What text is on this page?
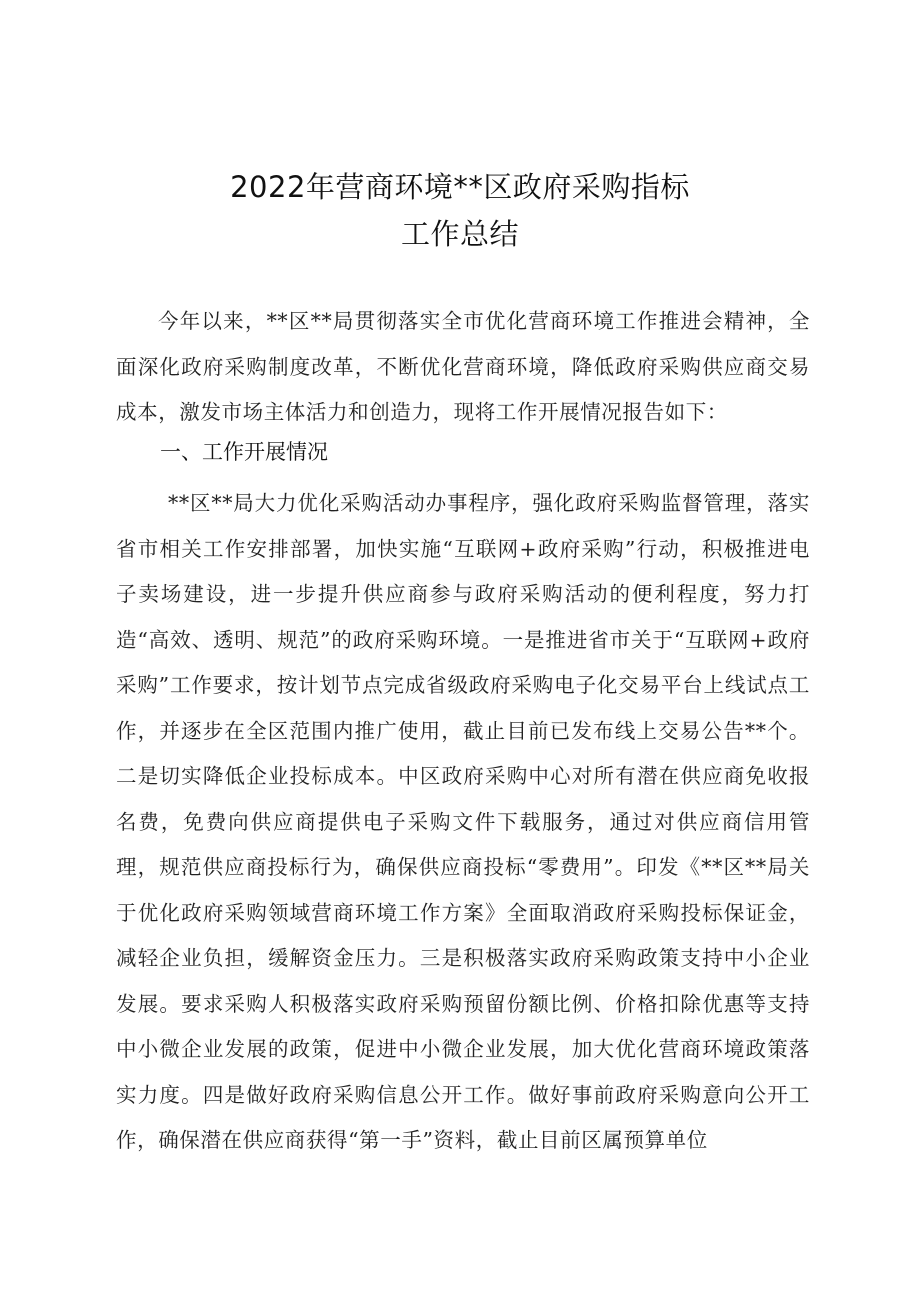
2022年营商环境**区政府采购指标
工作总结

今年以来，**区**局贯彻落实全市优化营商环境工作推进会精神，全面深化政府采购制度改革，不断优化营商环境，降低政府采购供应商交易成本，激发市场主体活力和创造力，现将工作开展情况报告如下：

一、工作开展情况

**区**局大力优化采购活动办事程序，强化政府采购监督管理，落实省市相关工作安排部署，加快实施“互联网+政府采购”行动，积极推进电子卖场建设，进一步提升供应商参与政府采购活动的便利程度，努力打造“高效、透明、规范”的政府采购环境。一是推进省市关于“互联网+政府采购”工作要求，按计划节点完成省级政府采购电子化交易平台上线试点工作，并逐步在全区范围内推广使用，截止目前已发布线上交易公告**个。二是切实降低企业投标成本。中区政府采购中心对所有潜在供应商免收报名费，免费向供应商提供电子采购文件下载服务，通过对供应商信用管理，规范供应商投标行为，确保供应商投标“零费用”。印发《**区**局关于优化政府采购领域营商环境工作方案》全面取消政府采购投标保证金，减轻企业负担，缓解资金压力。三是积极落实政府采购政策支持中小企业发展。要求采购人积极落实政府采购预留份额比例、价格扣除优惠等支持中小微企业发展的政策，促进中小微企业发展，加大优化营商环境政策落实力度。四是做好政府采购信息公开工作。做好事前政府采购意向公开工作，确保潜在供应商获得“第一手”资料，截止目前区属预算单位
